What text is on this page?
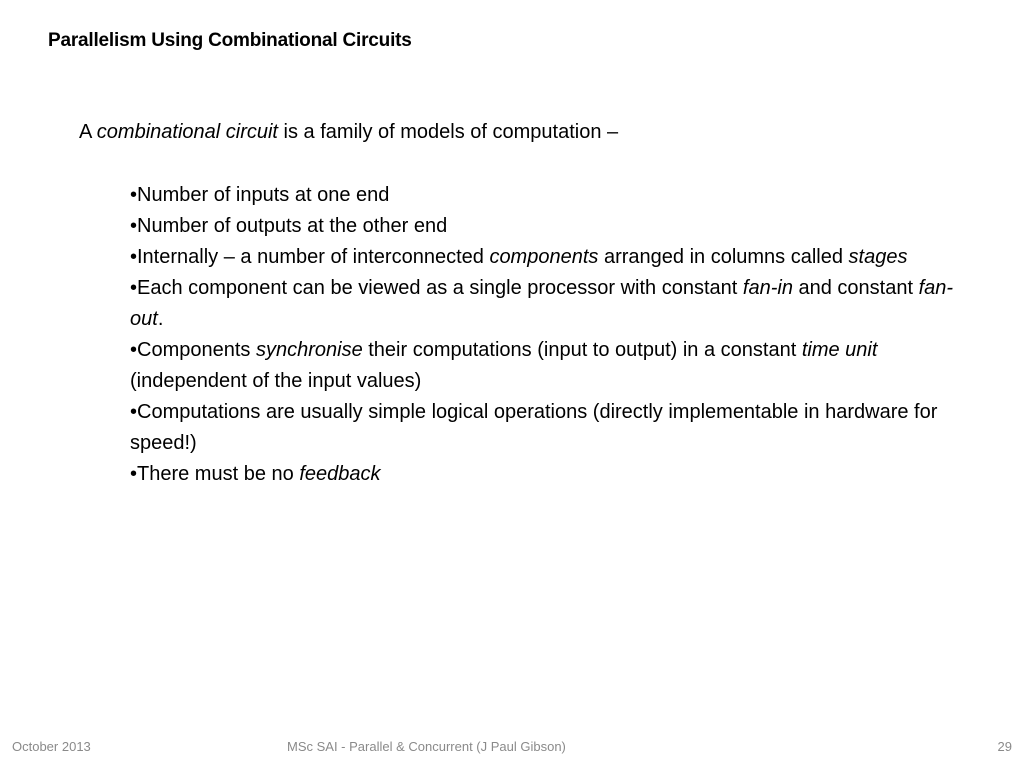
Parallelism Using Combinational Circuits
A combinational circuit is a family of models of computation –
•Number of inputs at one end
•Number of outputs at the other end
•Internally – a number of interconnected components arranged in columns called stages
•Each component can be viewed as a single processor with constant fan-in and constant fan-out.
•Components synchronise their computations (input to output) in a constant time unit (independent of the input values)
•Computations are usually simple logical operations (directly implementable in hardware for speed!)
•There must be no feedback
October 2013	MSc SAI - Parallel & Concurrent (J Paul Gibson)	29
